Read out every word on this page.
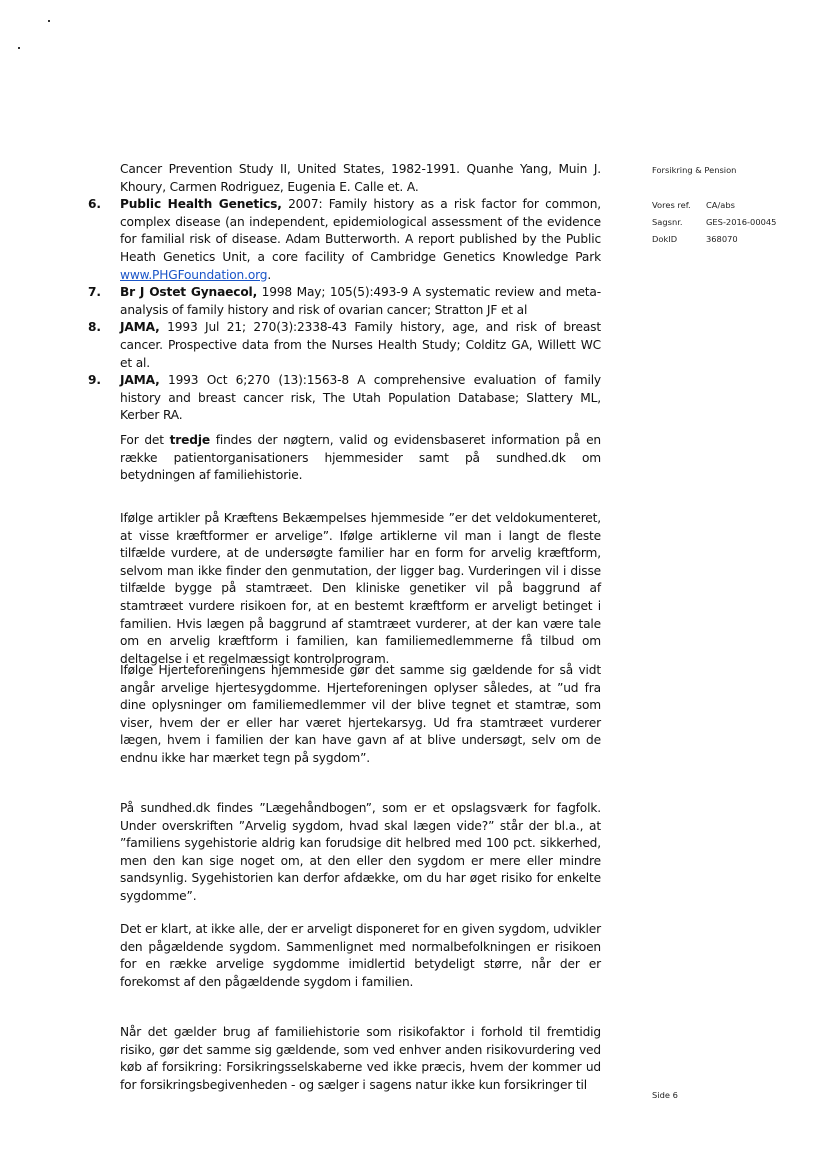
Cancer Prevention Study II, United States, 1982-1991. Quanhe Yang, Muin J. Khoury, Carmen Rodriguez, Eugenia E. Calle et. A.
6. Public Health Genetics, 2007: Family history as a risk factor for common, complex disease (an independent, epidemiological assessment of the evidence for familial risk of disease. Adam Butterworth. A report published by the Public Heath Genetics Unit, a core facility of Cambridge Genetics Knowledge Park www.PHGFoundation.org.
7. Br J Ostet Gynaecol, 1998 May; 105(5):493-9 A systematic review and meta-analysis of family history and risk of ovarian cancer; Stratton JF et al
8. JAMA, 1993 Jul 21; 270(3):2338-43 Family history, age, and risk of breast cancer. Prospective data from the Nurses Health Study; Colditz GA, Willett WC et al.
9. JAMA, 1993 Oct 6;270 (13):1563-8 A comprehensive evaluation of family history and breast cancer risk, The Utah Population Database; Slattery ML, Kerber RA.
For det tredje findes der nøgtern, valid og evidensbaseret information på en række patientorganisationers hjemmesider samt på sundhed.dk om betydningen af familiehistorie.
Ifølge artikler på Kræftens Bekæmpelses hjemmeside ”er det veldokumenteret, at visse kræftformer er arvelige”. Ifølge artiklerne vil man i langt de fleste tilfælde vurdere, at de undersøgte familier har en form for arvelig kræftform, selvom man ikke finder den genmutation, der ligger bag. Vurderingen vil i disse tilfælde bygge på stamtræet. Den kliniske genetiker vil på baggrund af stamtræet vurdere risikoen for, at en bestemt kræftform er arveligt betinget i familien. Hvis lægen på baggrund af stamtræet vurderer, at der kan være tale om en arvelig kræftform i familien, kan familiemedlemmerne få tilbud om deltagelse i et regelmæssigt kontrolprogram.
Ifølge Hjerteforeningens hjemmeside gør det samme sig gældende for så vidt angår arvelige hjertesygdomme. Hjerteforeningen oplyser således, at ”ud fra dine oplysninger om familiemedlemmer vil der blive tegnet et stamtræ, som viser, hvem der er eller har været hjertekarsyg. Ud fra stamtræet vurderer lægen, hvem i familien der kan have gavn af at blive undersøgt, selv om de endnu ikke har mærket tegn på sygdom”.
På sundhed.dk findes ”Lægehåndbogen”, som er et opslagsværk for fagfolk. Under overskriften ”Arvelig sygdom, hvad skal lægen vide?” står der bl.a., at ”familiens sygehistorie aldrig kan forudsige dit helbred med 100 pct. sikkerhed, men den kan sige noget om, at den eller den sygdom er mere eller mindre sandsynlig. Sygehistorien kan derfor afdække, om du har øget risiko for enkelte sygdomme”.
Det er klart, at ikke alle, der er arveligt disponeret for en given sygdom, udvikler den pågældende sygdom. Sammenlignet med normalbefolkningen er risikoen for en række arvelige sygdomme imidlertid betydeligt større, når der er forekomst af den pågældende sygdom i familien.
Når det gælder brug af familiehistorie som risikofaktor i forhold til fremtidig risiko, gør det samme sig gældende, som ved enhver anden risikovurdering ved køb af forsikring: Forsikringsselskaberne ved ikke præcis, hvem der kommer ud for forsikringsbegivenheden - og sælger i sagens natur ikke kun forsikringer til
Forsikring & Pension
Vores ref. CA/abs
Sagsnr.	GES-2016-00045
DokID	368070
Side 6
